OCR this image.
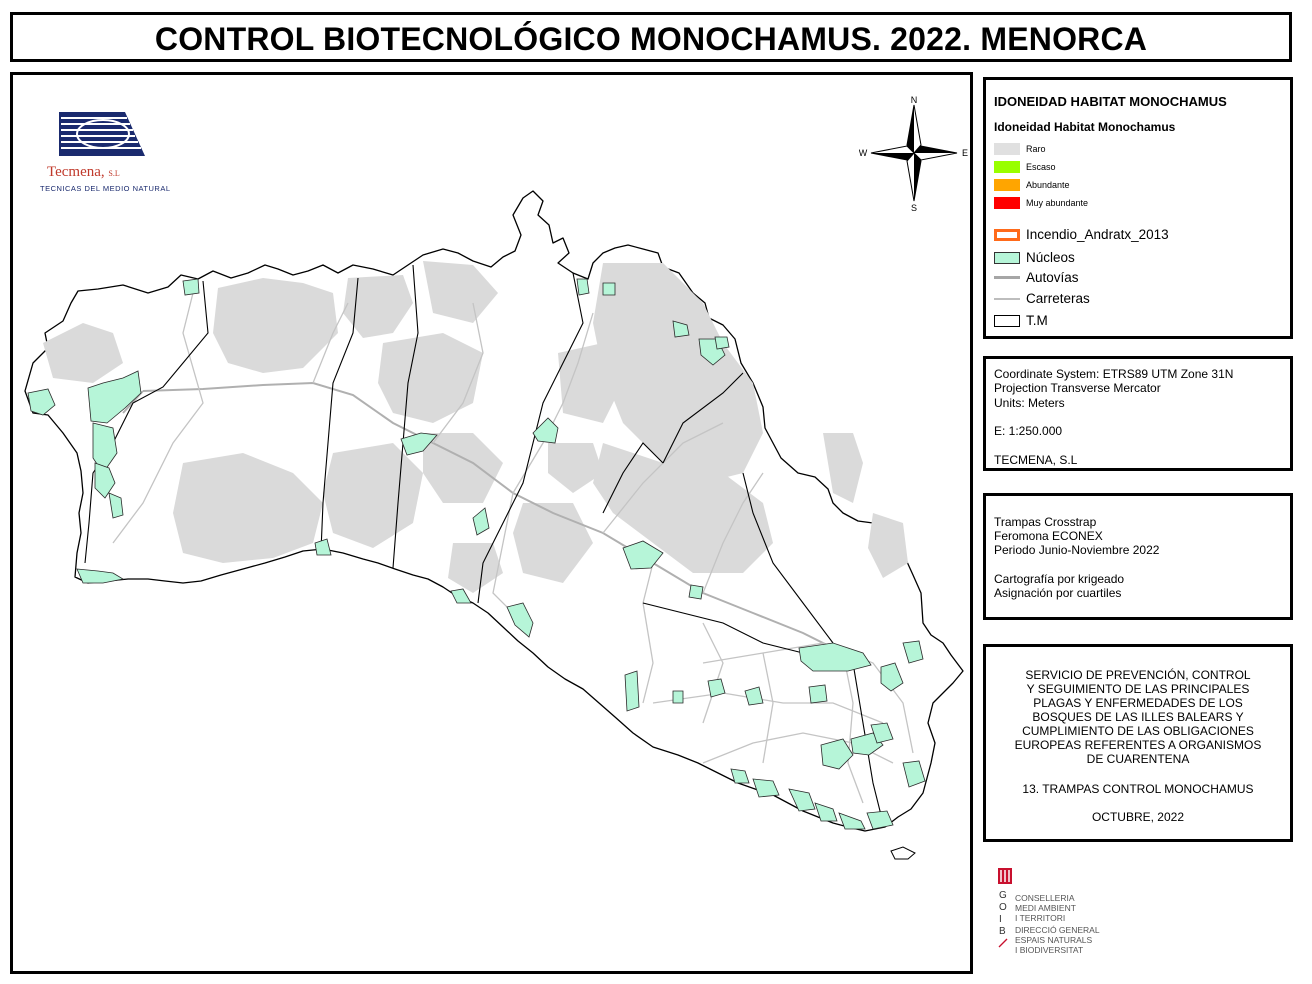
CONTROL BIOTECNOLÓGICO MONOCHAMUS. 2022. MENORCA
N
S
W	E
Tecmena, S.L
TECNICAS DEL MEDIO NATURAL
IDONEIDAD HABITAT MONOCHAMUS
Idoneidad Habitat Monochamus
Raro
Escaso
Abundante
Muy abundante
Incendio_Andratx_2013
Núcleos
Autovías
Carreteras
T.M
Coordinate System: ETRS89 UTM Zone 31N
Projection Transverse Mercator
Units: Meters
E: 1:250.000
TECMENA, S.L
Trampas Crosstrap
Feromona ECONEX
Periodo Junio-Noviembre 2022
Cartografía por krigeado
Asignación por cuartiles
SERVICIO DE PREVENCIÓN, CONTROL
Y SEGUIMIENTO DE LAS PRINCIPALES
PLAGAS Y ENFERMEDADES DE LOS
BOSQUES DE LAS ILLES BALEARS Y
CUMPLIMIENTO DE LAS OBLIGACIONES
EUROPEAS REFERENTES A ORGANISMOS
DE CUARENTENA
13. TRAMPAS CONTROL MONOCHAMUS
OCTUBRE, 2022
G
O
I
B
CONSELLERIA
MEDI AMBIENT
I TERRITORI
DIRECCIÓ GENERAL
ESPAIS NATURALS
I BIODIVERSITAT
